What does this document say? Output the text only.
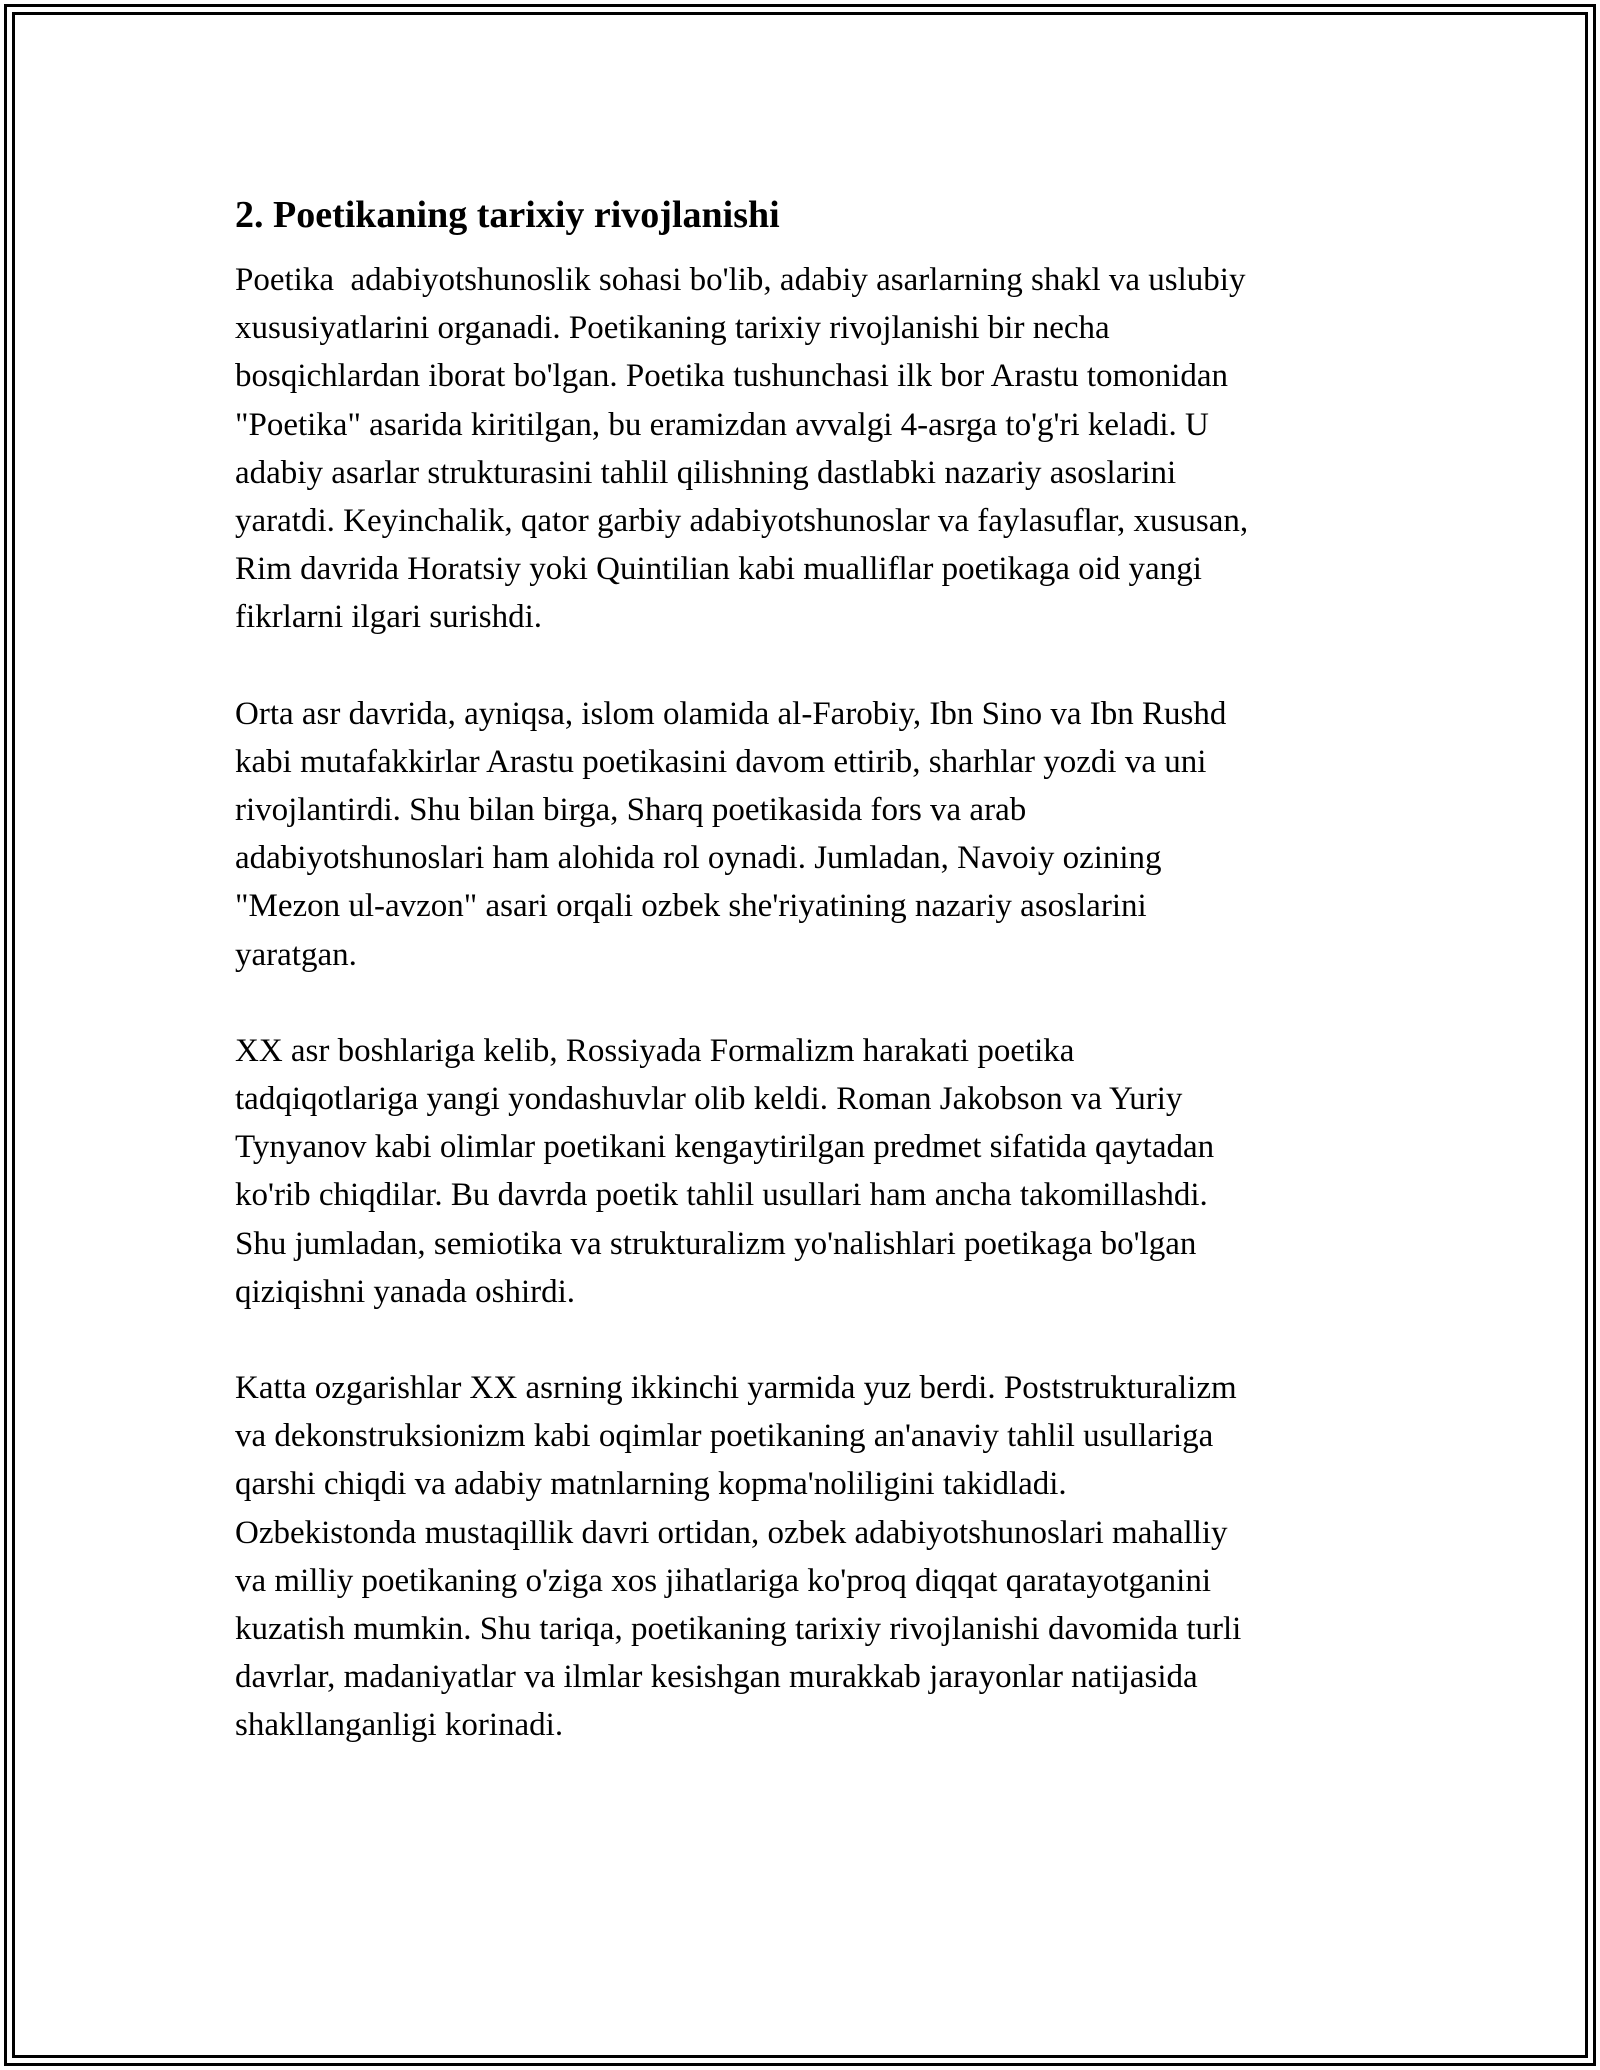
2. Poetikaning tarixiy rivojlanishi
Poetika  adabiyotshunoslik sohasi bo'lib, adabiy asarlarning shakl va uslubiy
xususiyatlarini organadi. Poetikaning tarixiy rivojlanishi bir necha
bosqichlardan iborat bo'lgan. Poetika tushunchasi ilk bor Arastu tomonidan
"Poetika" asarida kiritilgan, bu eramizdan avvalgi 4-asrga to'g'ri keladi. U
adabiy asarlar strukturasini tahlil qilishning dastlabki nazariy asoslarini
yaratdi. Keyinchalik, qator garbiy adabiyotshunoslar va faylasuflar, xususan,
Rim davrida Horatsiy yoki Quintilian kabi mualliflar poetikaga oid yangi
fikrlarni ilgari surishdi.
Orta asr davrida, ayniqsa, islom olamida al-Farobiy, Ibn Sino va Ibn Rushd
kabi mutafakkirlar Arastu poetikasini davom ettirib, sharhlar yozdi va uni
rivojlantirdi. Shu bilan birga, Sharq poetikasida fors va arab
adabiyotshunoslari ham alohida rol oynadi. Jumladan, Navoiy ozining
"Mezon ul-avzon" asari orqali ozbek she'riyatining nazariy asoslarini
yaratgan.
XX asr boshlariga kelib, Rossiyada Formalizm harakati poetika
tadqiqotlariga yangi yondashuvlar olib keldi. Roman Jakobson va Yuriy
Tynyanov kabi olimlar poetikani kengaytirilgan predmet sifatida qaytadan
ko'rib chiqdilar. Bu davrda poetik tahlil usullari ham ancha takomillashdi.
Shu jumladan, semiotika va strukturalizm yo'nalishlari poetikaga bo'lgan
qiziqishni yanada oshirdi.
Katta ozgarishlar XX asrning ikkinchi yarmida yuz berdi. Poststrukturalizm
va dekonstruksionizm kabi oqimlar poetikaning an'anaviy tahlil usullariga
qarshi chiqdi va adabiy matnlarning kopma'noliligini takidladi.
Ozbekistonda mustaqillik davri ortidan, ozbek adabiyotshunoslari mahalliy
va milliy poetikaning o'ziga xos jihatlariga ko'proq diqqat qaratayotganini
kuzatish mumkin. Shu tariqa, poetikaning tarixiy rivojlanishi davomida turli
davrlar, madaniyatlar va ilmlar kesishgan murakkab jarayonlar natijasida
shakllanganligi korinadi.
